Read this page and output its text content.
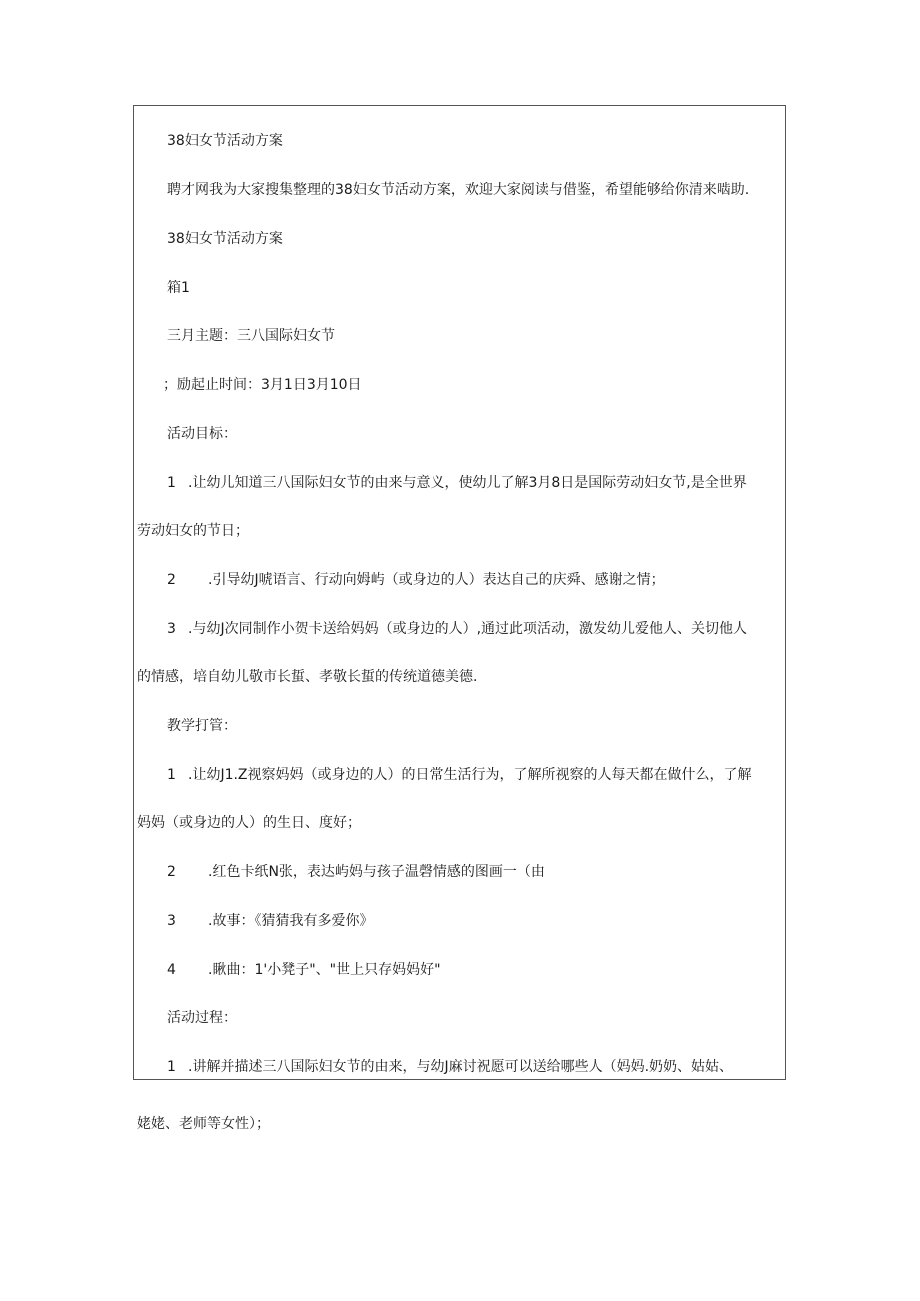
38妇女节活动方案
聘才网我为大家搜集整理的38妇女节活动方案，欢迎大家阅读与借鉴，希望能够给你清来啮助.
38妇女节活动方案
箱1
三月主题：三八国际妇女节
；励起止时间：3月1日3月10日
活动目标：
1 .让幼儿知道三八国际妇女节的由来与意义，使幼儿了解3月8日是国际劳动妇女节,是全世界
劳动妇女的节日；
2 .引导幼J唬语言、行动向姆屿（或身边的人）表达自己的庆舜、感谢之情；
3 .与幼J次同制作小贺卡送给妈妈（或身边的人）,通过此项活动，激发幼儿爱他人、关切他人
的情感，培自幼儿敬市长蜇、孝敬长蜇的传统道德美德.
教学打管：
1 .让幼J1.Z视察妈妈（或身边的人）的日常生活行为，了解所视察的人每天都在做什么，了解
妈妈（或身边的人）的生日、度好；
2 .红色卡纸N张，表达屿妈与孩子温磬情感的图画一（由
3 .故事：《猜猜我有多爱你》
4 .瞅曲：1'小凳子"、"世上只存妈妈好"
活动过程：
1 .讲解并描述三八国际妇女节的由来，与幼J麻讨祝愿可以送给哪些人（妈妈.奶奶、姑姑、
姥姥、老师等女性）；
